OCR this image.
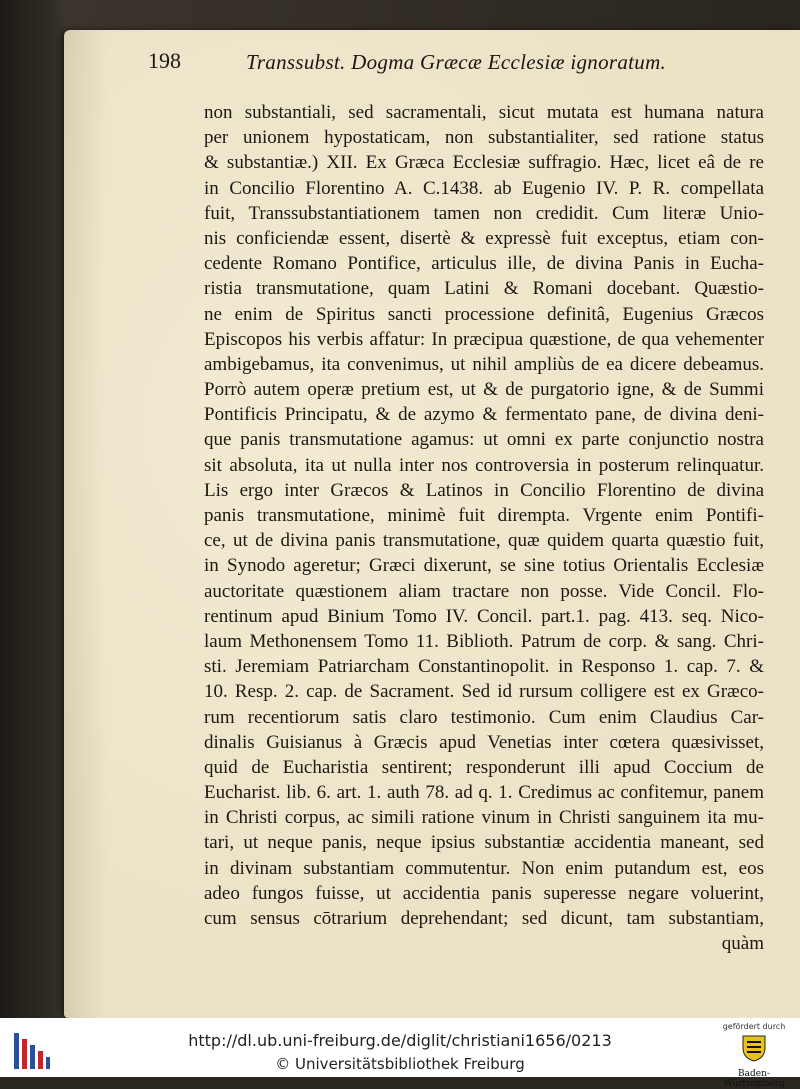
198	Transsubst. Dogma Græcæ Ecclesiæ ignoratum.
non substantiali, sed sacramentali, sicut mutata est humana natura
per unionem hypostaticam, non substantialiter, sed ratione status
& substantiæ.) XII. Ex Græca Ecclesiæ suffragio. Hæc, licet eâ de re
in Concilio Florentino A. C.1438. ab Eugenio IV. P. R. compellata
fuit, Transsubstantiationem tamen non credidit. Cum literæ Unio-
nis conficiendæ essent, disertè & expressè fuit exceptus, etiam con-
cedente Romano Pontifice, articulus ille, de divina Panis in Eucha-
ristia transmutatione, quam Latini & Romani docebant. Quæstio-
ne enim de Spiritus sancti processione definitâ, Eugenius Græcos
Episcopos his verbis affatur: In præcipua quæstione, de qua vehementer
ambigebamus, ita convenimus, ut nihil ampliùs de ea dicere debeamus.
Porrò autem operæ pretium est, ut & de purgatorio igne, & de Summi
Pontificis Principatu, & de azymo & fermentato pane, de divina deni-
que panis transmutatione agamus: ut omni ex parte conjunctio nostra
sit absoluta, ita ut nulla inter nos controversia in posterum relinquatur.
Lis ergo inter Græcos & Latinos in Concilio Florentino de divina
panis transmutatione, minimè fuit dirempta. Vrgente enim Pontifi-
ce, ut de divina panis transmutatione, quæ quidem quarta quæstio fuit,
in Synodo ageretur; Græci dixerunt, se sine totius Orientalis Ecclesiæ
auctoritate quæstionem aliam tractare non posse. Vide Concil. Flo-
rentinum apud Binium Tomo IV. Concil. part.1. pag. 413. seq. Nico-
laum Methonensem Tomo 11. Biblioth. Patrum de corp. & sang. Chri-
sti. Jeremiam Patriarcham Constantinopolit. in Responso 1. cap. 7. &
10. Resp. 2. cap. de Sacrament. Sed id rursum colligere est ex Græco-
rum recentiorum satis claro testimonio. Cum enim Claudius Car-
dinalis Guisianus à Græcis apud Venetias inter cœtera quæsivisset,
quid de Eucharistia sentirent; responderunt illi apud Coccium de
Eucharist. lib. 6. art. 1. auth 78. ad q. 1. Credimus ac confitemur, panem
in Christi corpus, ac simili ratione vinum in Christi sanguinem ita mu-
tari, ut neque panis, neque ipsius substantiæ accidentia maneant, sed
in divinam substantiam commutentur. Non enim putandum est, eos
adeo fungos fuisse, ut accidentia panis superesse negare voluerint,
cum sensus cōtrarium deprehendant; sed dicunt, tam substantiam,
quàm
http://dl.ub.uni-freiburg.de/diglit/christiani1656/0213
© Universitätsbibliothek Freiburg
gefördert durch
Baden-Württemberg
